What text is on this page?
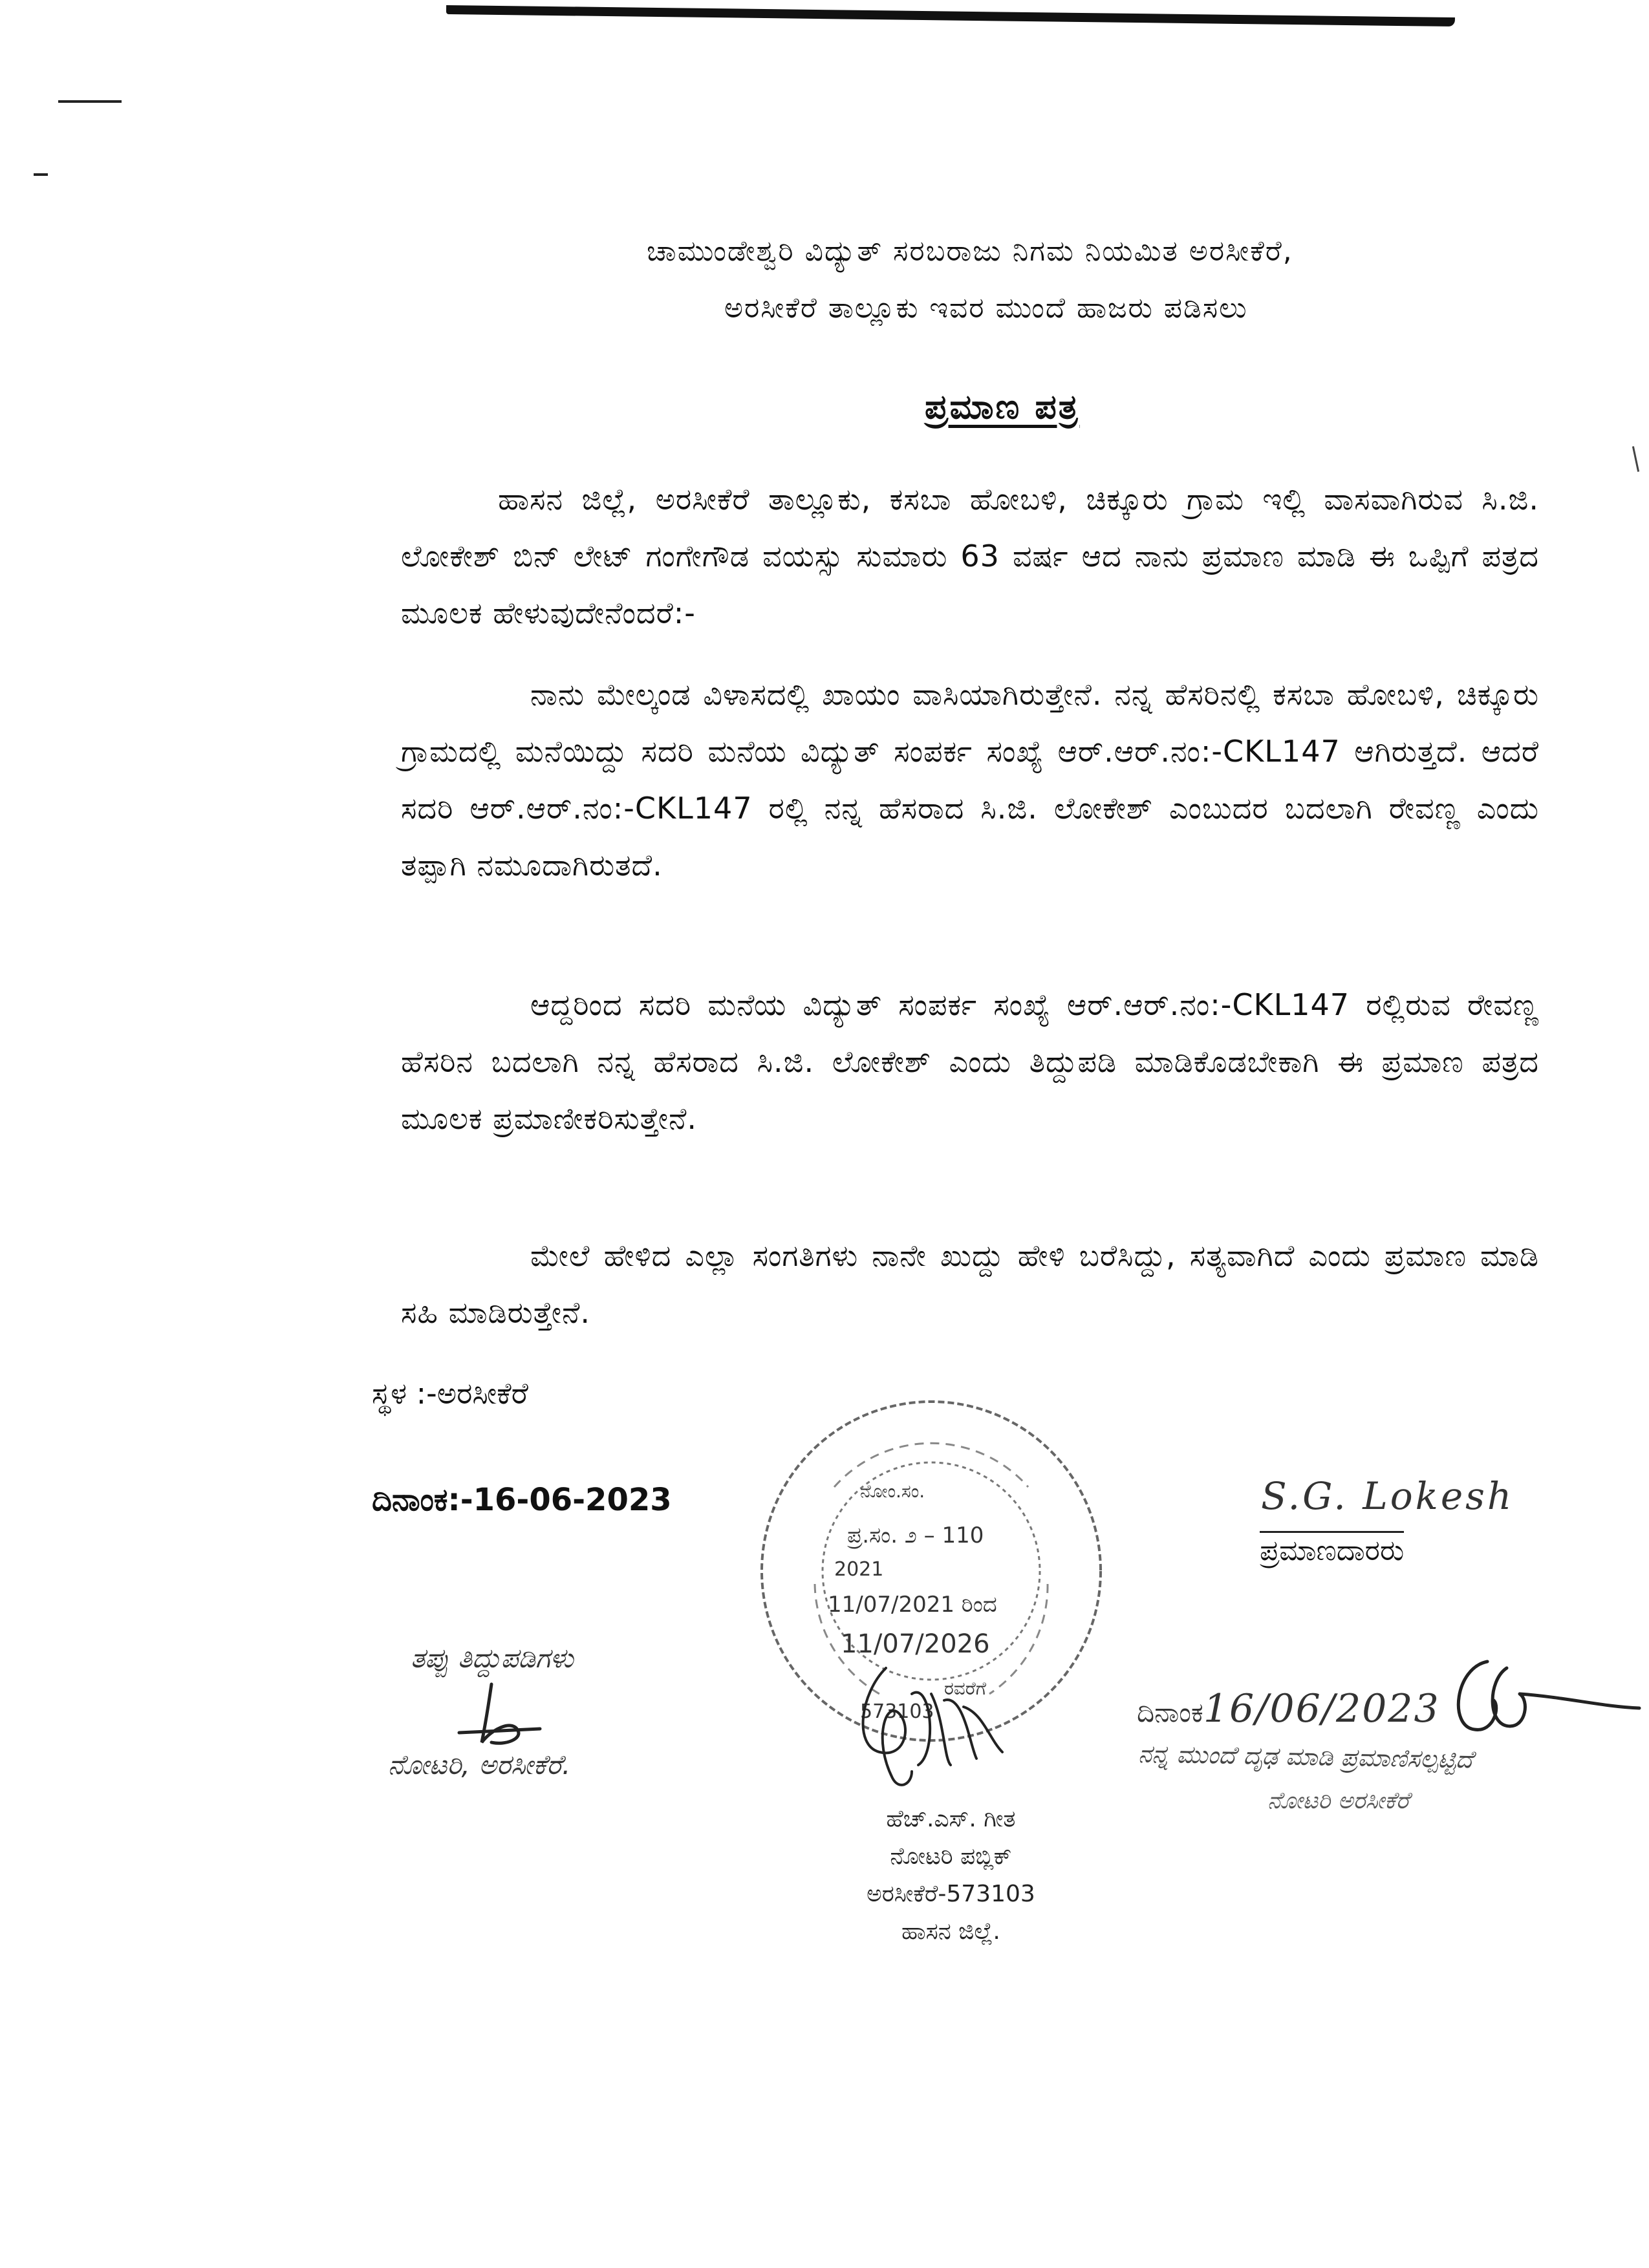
ಚಾಮುಂಡೇಶ್ವರಿ ವಿದ್ಯುತ್ ಸರಬರಾಜು ನಿಗಮ ನಿಯಮಿತ ಅರಸೀಕೆರೆ,
ಅರಸೀಕೆರೆ ತಾಲ್ಲೂಕು ಇವರ ಮುಂದೆ ಹಾಜರು ಪಡಿಸಲು
ಪ್ರಮಾಣ ಪತ್ರ
ಹಾಸನ ಜಿಲ್ಲೆ, ಅರಸೀಕೆರೆ ತಾಲ್ಲೂಕು, ಕಸಬಾ ಹೋಬಳಿ, ಚಿಕ್ಕೂರು ಗ್ರಾಮ ಇಲ್ಲಿ ವಾಸವಾಗಿರುವ ಸಿ.ಜಿ. ಲೋಕೇಶ್ ಬಿನ್ ಲೇಟ್ ಗಂಗೇಗೌಡ ವಯಸ್ಸು ಸುಮಾರು 63 ವರ್ಷ ಆದ ನಾನು ಪ್ರಮಾಣ ಮಾಡಿ ಈ ಒಪ್ಪಿಗೆ ಪತ್ರದ ಮೂಲಕ ಹೇಳುವುದೇನೆಂದರೆ:-
ನಾನು ಮೇಲ್ಕಂಡ ವಿಳಾಸದಲ್ಲಿ ಖಾಯಂ ವಾಸಿಯಾಗಿರುತ್ತೇನೆ. ನನ್ನ ಹೆಸರಿನಲ್ಲಿ ಕಸಬಾ ಹೋಬಳಿ, ಚಿಕ್ಕೂರು ಗ್ರಾಮದಲ್ಲಿ ಮನೆಯಿದ್ದು ಸದರಿ ಮನೆಯ ವಿದ್ಯುತ್ ಸಂಪರ್ಕ ಸಂಖ್ಯೆ ಆರ್.ಆರ್.ನಂ:-CKL147 ಆಗಿರುತ್ತದೆ. ಆದರೆ ಸದರಿ ಆರ್.ಆರ್.ನಂ:-CKL147 ರಲ್ಲಿ ನನ್ನ ಹೆಸರಾದ ಸಿ.ಜಿ. ಲೋಕೇಶ್ ಎಂಬುದರ ಬದಲಾಗಿ ರೇವಣ್ಣ ಎಂದು ತಪ್ಪಾಗಿ ನಮೂದಾಗಿರುತದೆ.
ಆದ್ದರಿಂದ ಸದರಿ ಮನೆಯ ವಿದ್ಯುತ್ ಸಂಪರ್ಕ ಸಂಖ್ಯೆ ಆರ್.ಆರ್.ನಂ:-CKL147 ರಲ್ಲಿರುವ ರೇವಣ್ಣ ಹೆಸರಿನ ಬದಲಾಗಿ ನನ್ನ ಹೆಸರಾದ ಸಿ.ಜಿ. ಲೋಕೇಶ್ ಎಂದು ತಿದ್ದುಪಡಿ ಮಾಡಿಕೊಡಬೇಕಾಗಿ ಈ ಪ್ರಮಾಣ ಪತ್ರದ ಮೂಲಕ ಪ್ರಮಾಣೀಕರಿಸುತ್ತೇನೆ.
ಮೇಲೆ ಹೇಳಿದ ಎಲ್ಲಾ ಸಂಗತಿಗಳು ನಾನೇ ಖುದ್ದು ಹೇಳಿ ಬರೆಸಿದ್ದು, ಸತ್ಯವಾಗಿದೆ ಎಂದು ಪ್ರಮಾಣ ಮಾಡಿ ಸಹಿ ಮಾಡಿರುತ್ತೇನೆ.
ಸ್ಥಳ :-ಅರಸೀಕೆರೆ
ದಿನಾಂಕ:-16-06-2023	S.G. Lokesh
ಪ್ರಮಾಣದಾರರು
ನೋಂ.ಸಂ.
ಪ್ರ.ಸಂ. ೨ – 110
2021
11/07/2021 ರಿಂದ
11/07/2026
ರವರೆಗೆ
573103
ಹೆಚ್.ಎಸ್. ಗೀತ
ನೋಟರಿ ಪಬ್ಲಿಕ್
ಅರಸೀಕೆರೆ-573103
ಹಾಸನ ಜಿಲ್ಲೆ.
ತಪ್ಪು ತಿದ್ದುಪಡಿಗಳು
ನೋಟರಿ, ಅರಸೀಕೆರೆ.
ದಿನಾಂಕ16/06/2023
ನನ್ನ ಮುಂದೆ ದೃಢ ಮಾಡಿ ಪ್ರಮಾಣಿಸಲ್ಪಟ್ಟಿದೆ
ನೋಟರಿ ಅರಸೀಕೆರೆ
